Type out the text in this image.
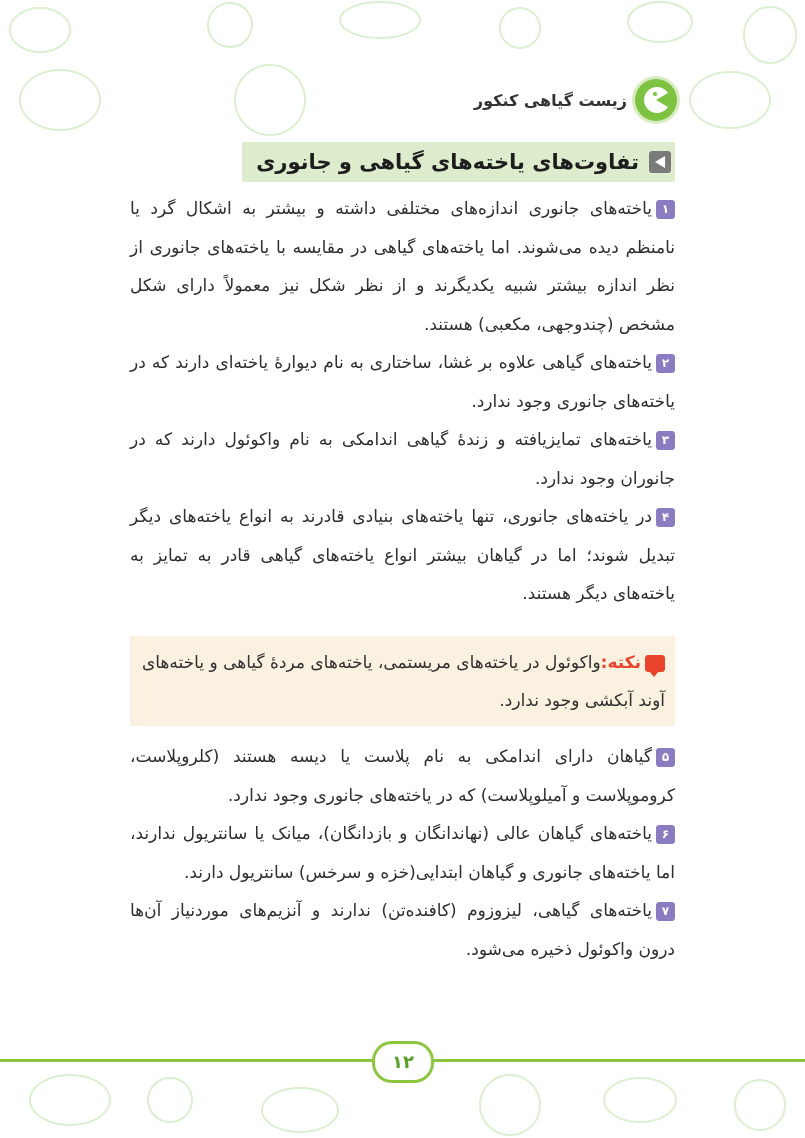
زیست گیاهی کنکور
تفاوت‌های یاخته‌های گیاهی و جانوری

۱یاخته‌های جانوری اندازه‌های مختلفی داشته و بیشتر به اشکال گرد یا نامنظم دیده می‌شوند. اما یاخته‌های گیاهی در مقایسه با یاخته‌های جانوری از نظر اندازه بیشتر شبیه یکدیگرند و از نظر شکل نیز معمولاً دارای شکل مشخص (چندوجهی، مکعبی) هستند.

۲یاخته‌های گیاهی علاوه بر غشا، ساختاری به نام دیوارۀ یاخته‌ای دارند که در یاخته‌های جانوری وجود ندارد.

۳یاخته‌های تمایزیافته و زندۀ گیاهی اندامکی به نام واکوئول دارند که در جانوران وجود ندارد.

۴در یاخته‌های جانوری، تنها یاخته‌های بنیادی قادرند به انواع یاخته‌های دیگر تبدیل شوند؛ اما در گیاهان بیشتر انواع یاخته‌های گیاهی قادر به تمایز به یاخته‌های دیگر هستند.

نکته:واکوئول در یاخته‌های مریستمی، یاخته‌های مردۀ گیاهی و یاخته‌های آوند آبکشی وجود ندارد.

۵گیاهان دارای اندامکی به نام پلاست یا دیسه هستند (کلروپلاست، کروموپلاست و آمیلوپلاست) که در یاخته‌های جانوری وجود ندارد.

۶یاخته‌های گیاهان عالی (نهاندانگان و بازدانگان)، میانک یا سانتریول ندارند، اما یاخته‌های جانوری و گیاهان ابتدایی(خزه و سرخس) سانتریول دارند.

۷یاخته‌های گیاهی، لیزوزوم (کافنده‌تن) ندارند و آنزیم‌های موردنیاز آن‌ها درون واکوئول ذخیره می‌شود.

۱۲
